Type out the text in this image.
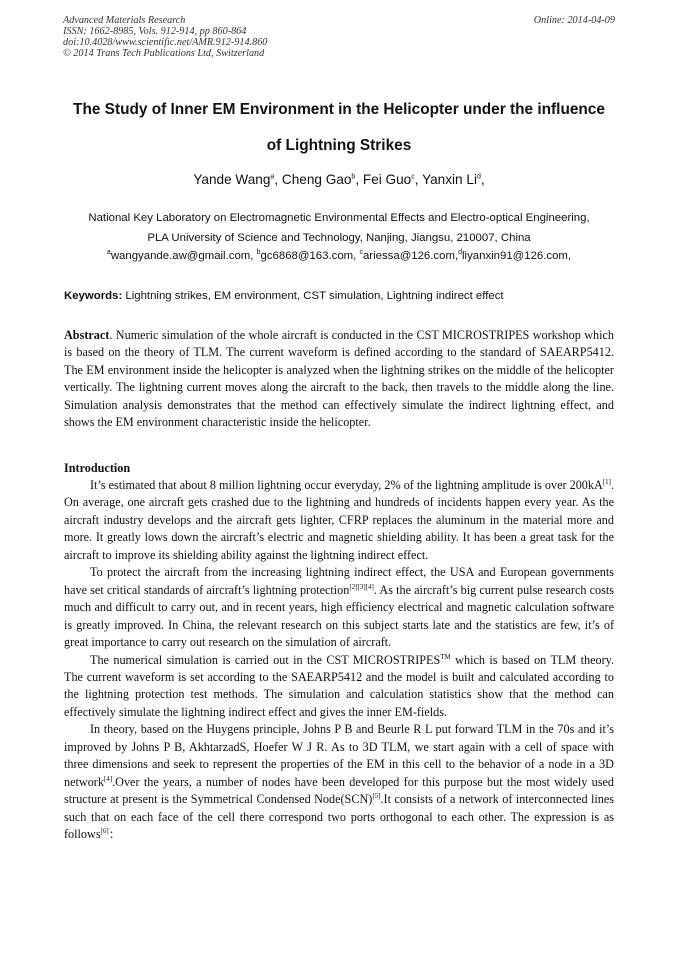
Advanced Materials Research
ISSN: 1662-8985, Vols. 912-914, pp 860-864
doi:10.4028/www.scientific.net/AMR.912-914.860
© 2014 Trans Tech Publications Ltd, Switzerland
Online: 2014-04-09
The Study of Inner EM Environment in the Helicopter under the influence
of Lightning Strikes
Yande Wang$^a$, Cheng Gao$^b$, Fei Guo$^c$, Yanxin Li$^d$,
National Key Laboratory on Electromagnetic Environmental Effects and Electro-optical Engineering,
PLA University of Science and Technology, Nanjing, Jiangsu, 210007, China
$^a$wangyande.aw@gmail.com, $^b$gc6868@163.com, $^c$ariessa@126.com,$^d$liyanxin91@126.com,
Keywords: Lightning strikes, EM environment, CST simulation, Lightning indirect effect
Abstract. Numeric simulation of the whole aircraft is conducted in the CST MICROSTRIPES workshop which is based on the theory of TLM. The current waveform is defined according to the standard of SAEARP5412. The EM environment inside the helicopter is analyzed when the lightning strikes on the middle of the helicopter vertically. The lightning current moves along the aircraft to the back, then travels to the middle along the line. Simulation analysis demonstrates that the method can effectively simulate the indirect lightning effect, and shows the EM environment characteristic inside the helicopter.
Introduction

It’s estimated that about 8 million lightning occur everyday, 2% of the lightning amplitude is over 200kA[1]. On average, one aircraft gets crashed due to the lightning and hundreds of incidents happen every year. As the aircraft industry develops and the aircraft gets lighter, CFRP replaces the aluminum in the material more and more. It greatly lows down the aircraft’s electric and magnetic shielding ability. It has been a great task for the aircraft to improve its shielding ability against the lightning indirect effect.

To protect the aircraft from the increasing lightning indirect effect, the USA and European governments have set critical standards of aircraft’s lightning protection[2][3][4]. As the aircraft’s big current pulse research costs much and difficult to carry out, and in recent years, high efficiency electrical and magnetic calculation software is greatly improved. In China, the relevant research on this subject starts late and the statistics are few, it’s of great importance to carry out research on the simulation of aircraft.

The numerical simulation is carried out in the CST MICROSTRIPES™ which is based on TLM theory. The current waveform is set according to the SAEARP5412 and the model is built and calculated according to the lightning protection test methods. The simulation and calculation statistics show that the method can effectively simulate the lightning indirect effect and gives the inner EM-fields.

In theory, based on the Huygens principle, Johns P B and Beurle R L put forward TLM in the 70s and it’s improved by Johns P B, AkhtarzadS, Hoefer W J R. As to 3D TLM, we start again with a cell of space with three dimensions and seek to represent the properties of the EM in this cell to the behavior of a node in a 3D network[4].Over the years, a number of nodes have been developed for this purpose but the most widely used structure at present is the Symmetrical Condensed Node(SCN)[5].It consists of a network of interconnected lines such that on each face of the cell there correspond two ports orthogonal to each other. The expression is as follows[6]：
